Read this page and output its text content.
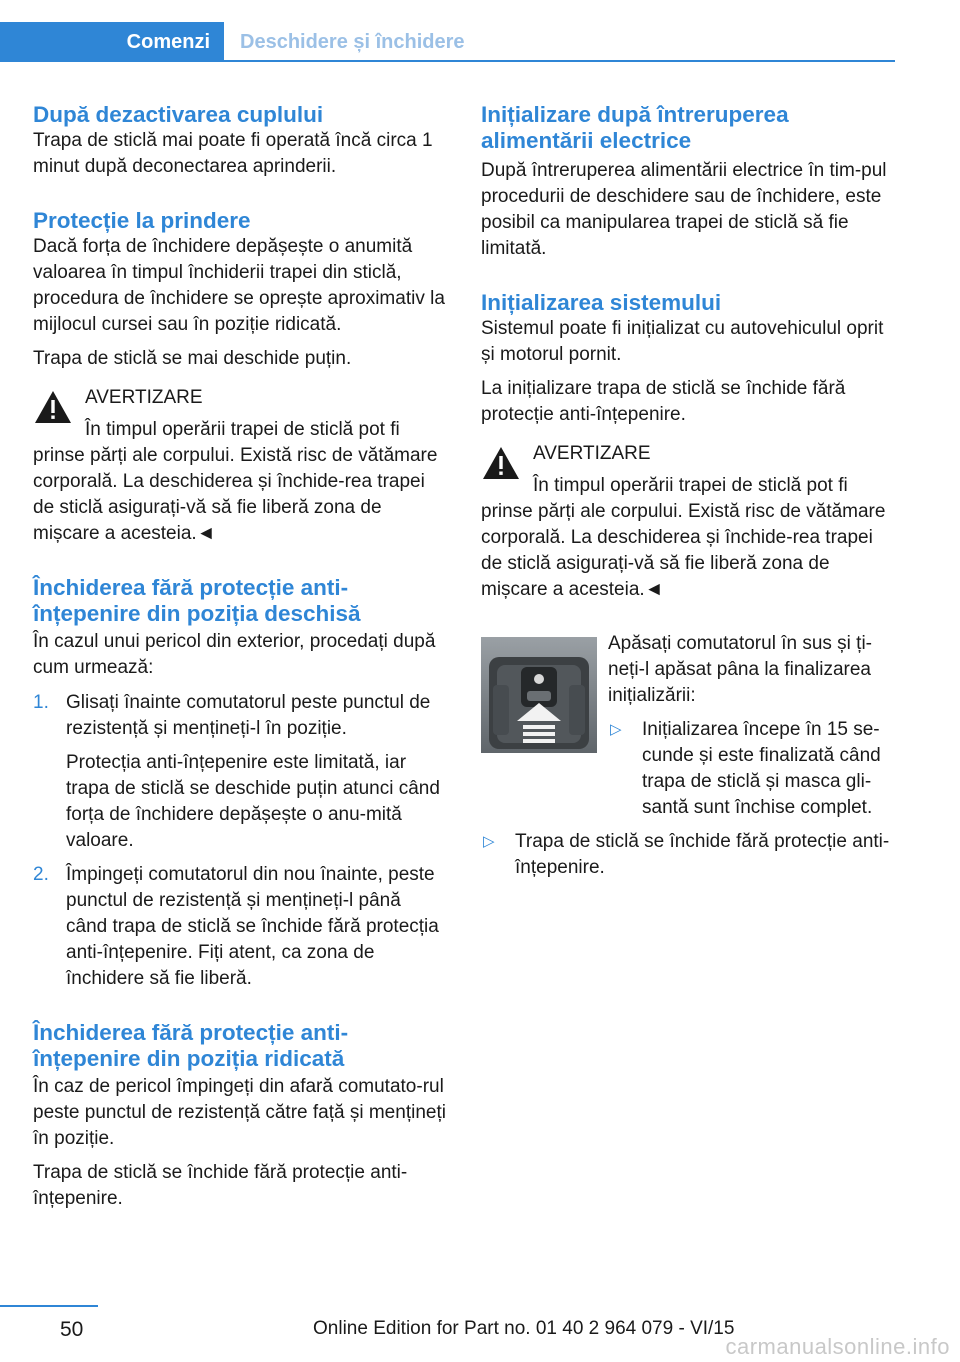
Comenzi	Deschidere și închidere
După dezactivarea cuplului

Trapa de sticlă mai poate fi operată încă circa 1 minut după deconectarea aprinderii.

Protecție la prindere

Dacă forța de închidere depășește o anumită valoarea în timpul închiderii trapei din sticlă, procedura de închidere se oprește aproximativ la mijlocul cursei sau în poziție ridicată.

Trapa de sticlă se mai deschide puțin.

AVERTIZARE
În timpul operării trapei de sticlă pot fi

prinse părți ale corpului. Există risc de vătămare corporală. La deschiderea și închide‐rea trapei de sticlă asigurați-vă să fie liberă zona de mișcare a acesteia.◄

Închiderea fără protecție anti-înțepenire din poziția deschisă

În cazul unui pericol din exterior, procedați după cum urmează:

1. Glisați înainte comutatorul peste punctul de rezistență și mențineți-l în poziție.

Protecția anti-înțepenire este limitată, iar trapa de sticlă se deschide puțin atunci când forța de închidere depășește o anu‐mită valoare.

2. Împingeți comutatorul din nou înainte, peste punctul de rezistență și mențineți-l până când trapa de sticlă se închide fără protecția anti-înțepenire. Fiți atent, ca zona de închidere să fie liberă.
Închiderea fără protecție anti-înțepenire din poziția ridicată

În caz de pericol împingeți din afară comutato‐rul peste punctul de rezistență către față și mențineți în poziție.

Trapa de sticlă se închide fără protecție anti-înțepenire.

Inițializare după întreruperea alimentării electrice

După întreruperea alimentării electrice în tim‐pul procedurii de deschidere sau de închidere, este posibil ca manipularea trapei de sticlă să fie limitată.

Inițializarea sistemului

Sistemul poate fi inițializat cu autovehiculul oprit și motorul pornit.

La inițializare trapa de sticlă se închide fără protecție anti-înțepenire.

AVERTIZARE
În timpul operării trapei de sticlă pot fi

prinse părți ale corpului. Există risc de vătămare corporală. La deschiderea și închide‐rea trapei de sticlă asigurați-vă să fie liberă zona de mișcare a acesteia.◄

Apăsați comutatorul în sus și ți‐neți-l apăsat pâna la finalizarea inițializării:

▷ Inițializarea începe în 15 se‐cunde și este finalizată când trapa de sticlă și masca gli‐santă sunt închise complet.
▷ Trapa de sticlă se închide fără protecție anti-înțepenire.
50	Online Edition for Part no. 01 40 2 964 079 - VI/15
carmanualsonline.info
